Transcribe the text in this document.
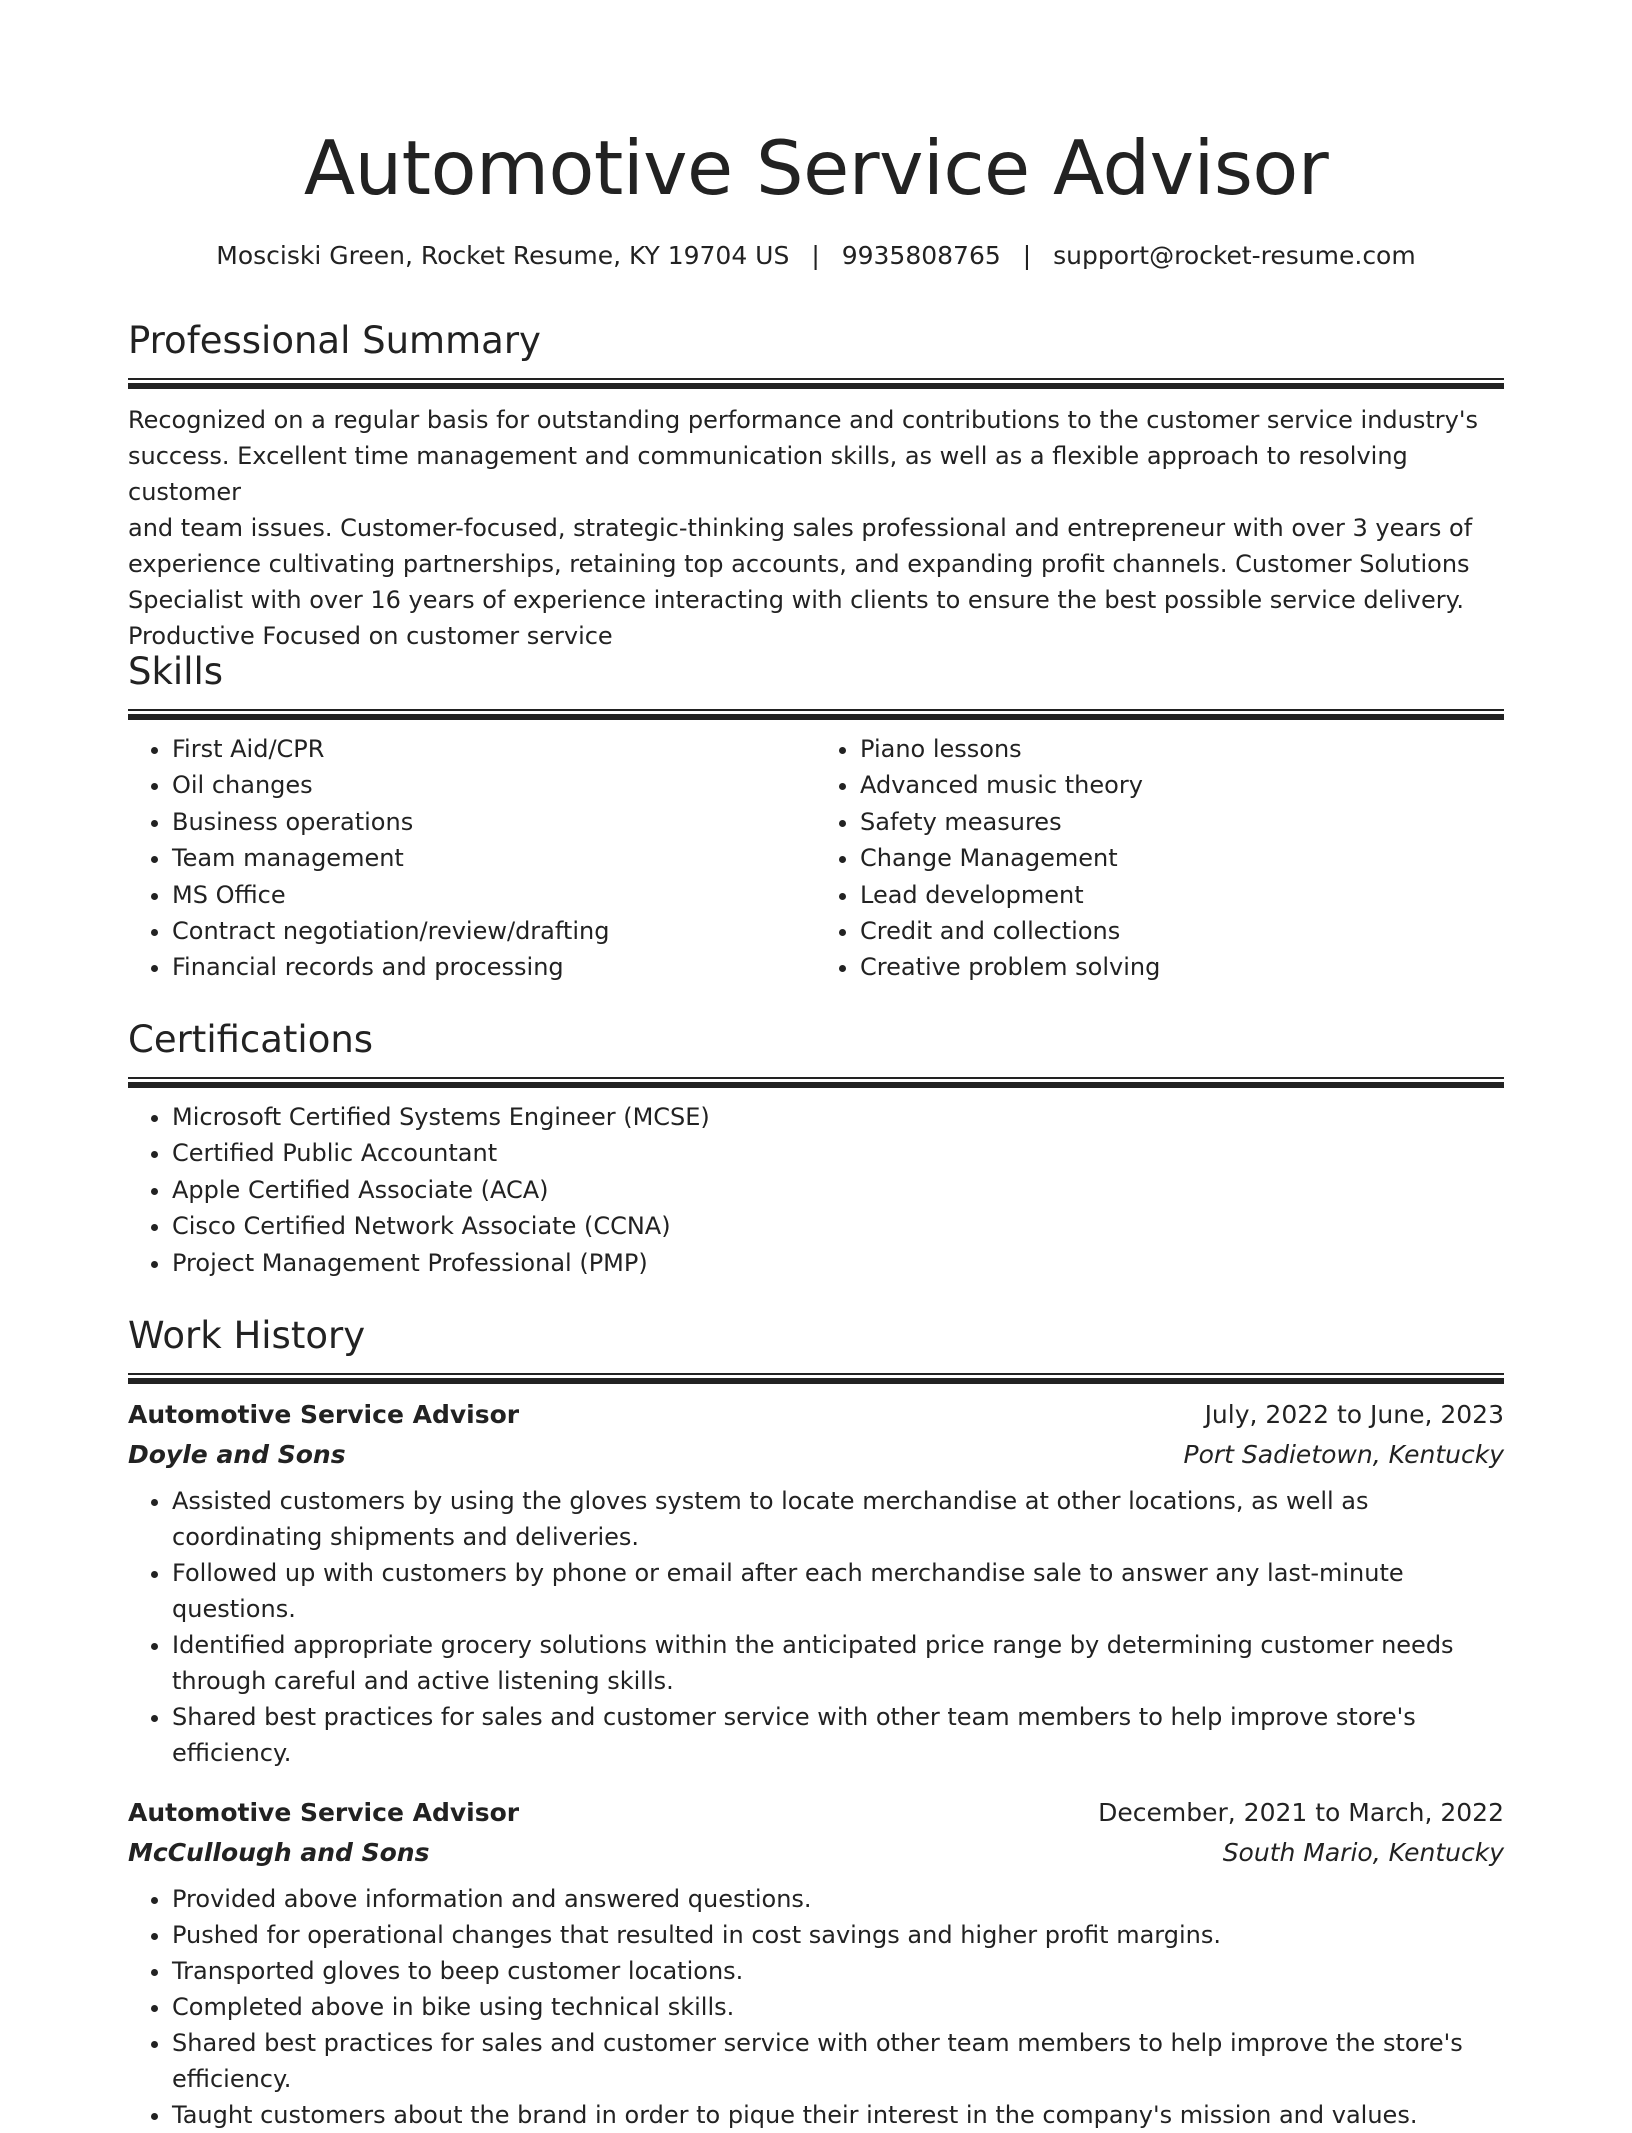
Automotive Service Advisor
Mosciski Green, Rocket Resume, KY 19704 US | 9935808765 | support@rocket-resume.com
Professional Summary
Recognized on a regular basis for outstanding performance and contributions to the customer service industry's
success. Excellent time management and communication skills, as well as a flexible approach to resolving customer
and team issues. Customer-focused, strategic-thinking sales professional and entrepreneur with over 3 years of
experience cultivating partnerships, retaining top accounts, and expanding profit channels. Customer Solutions
Specialist with over 16 years of experience interacting with clients to ensure the best possible service delivery.
Productive Focused on customer service
Skills
• First Aid/CPR
• Oil changes
• Business operations
• Team management
• MS Office
• Contract negotiation/review/drafting
• Financial records and processing
• Piano lessons
• Advanced music theory
• Safety measures
• Change Management
• Lead development
• Credit and collections
• Creative problem solving
Certifications
• Microsoft Certified Systems Engineer (MCSE)
• Certified Public Accountant
• Apple Certified Associate (ACA)
• Cisco Certified Network Associate (CCNA)
• Project Management Professional (PMP)
Work History
Automotive Service Advisor	July, 2022 to June, 2023
Doyle and Sons	Port Sadietown, Kentucky
• Assisted customers by using the gloves system to locate merchandise at other locations, as well as coordinating shipments and deliveries.
• Followed up with customers by phone or email after each merchandise sale to answer any last-minute questions.
• Identified appropriate grocery solutions within the anticipated price range by determining customer needs through careful and active listening skills.
• Shared best practices for sales and customer service with other team members to help improve store's efficiency.
Automotive Service Advisor	December, 2021 to March, 2022
McCullough and Sons	South Mario, Kentucky
• Provided above information and answered questions.
• Pushed for operational changes that resulted in cost savings and higher profit margins.
• Transported gloves to beep customer locations.
• Completed above in bike using technical skills.
• Shared best practices for sales and customer service with other team members to help improve the store's efficiency.
• Taught customers about the brand in order to pique their interest in the company's mission and values.
